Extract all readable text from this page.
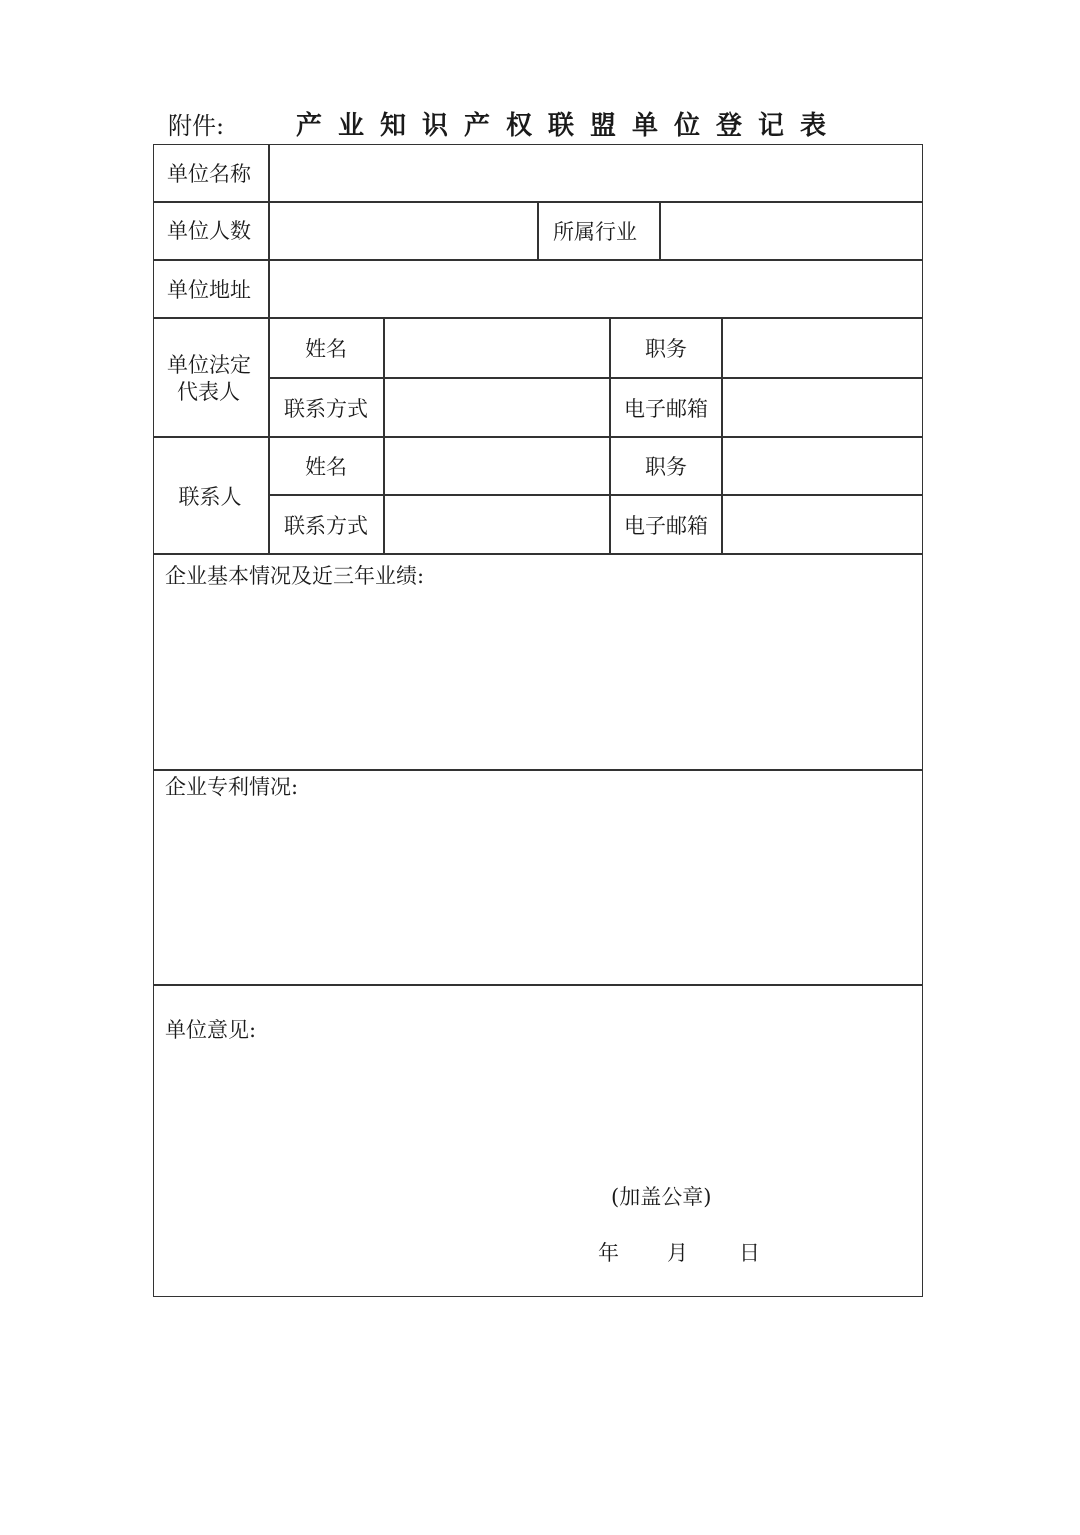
附件:	产业知识产权联盟单位登记表
单位名称
单位人数	所属行业
单位地址
单位法定
代表人
姓名	职务
联系方式	电子邮箱
联系人
姓名	职务
联系方式	电子邮箱
企业基本情况及近三年业绩:
企业专利情况:
单位意见:
(加盖公章)
年 月 日
